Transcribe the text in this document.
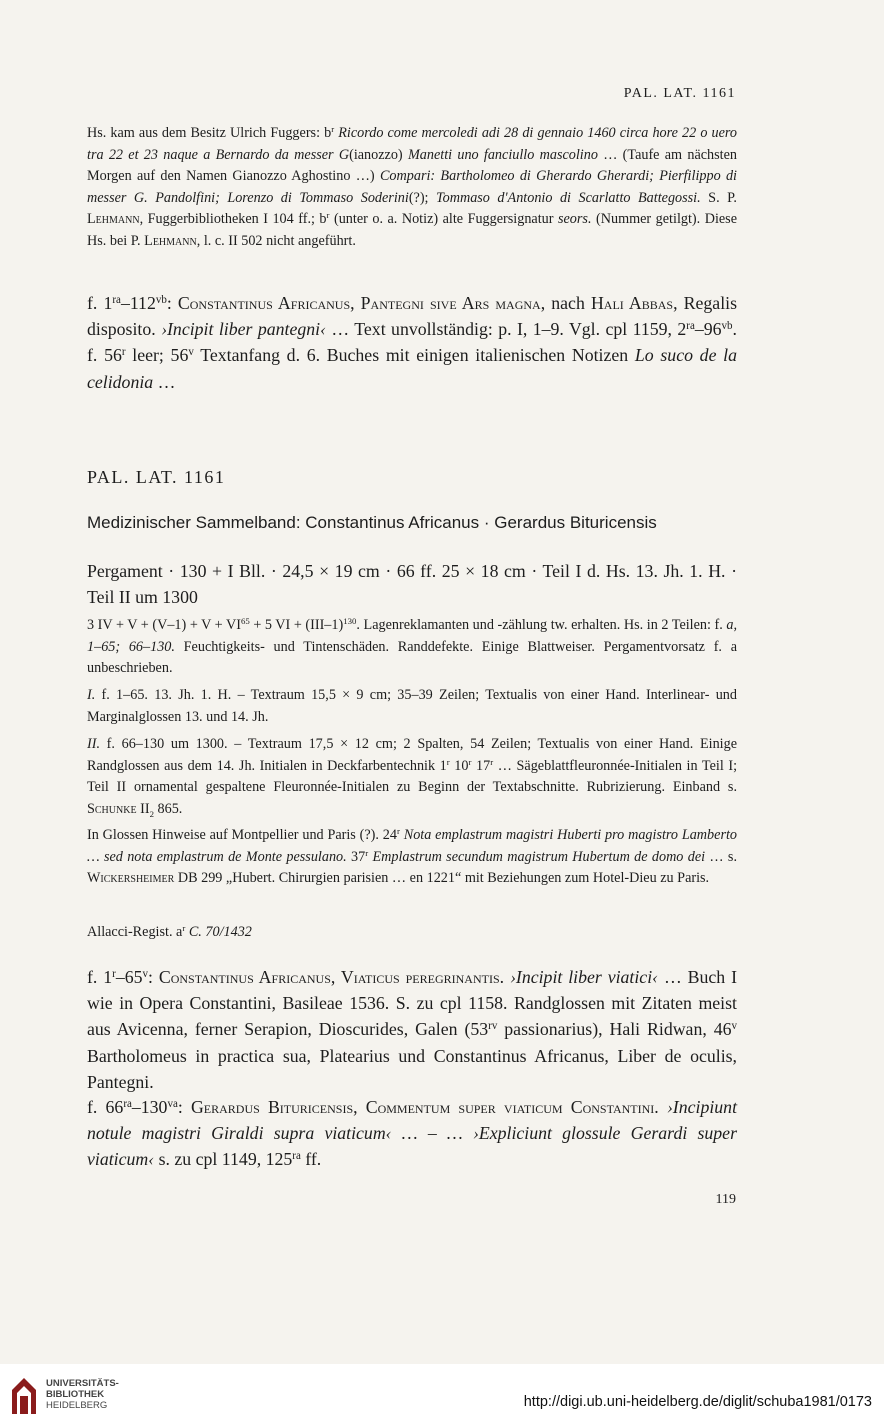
PAL. LAT. 1161

Hs. kam aus dem Besitz Ulrich Fuggers: $b^r$ Ricordo come mercoledi adi 28 di gennaio 1460 circa hore 22 o uero tra 22 et 23 naque a Bernardo da messer G(ianozzo) Manetti uno fanciullo mascolino … (Taufe am nächsten Morgen auf den Namen Gianozzo Aghostino …) Compari: Bartholomeo di Gherardo Gherardi; Pierfilippo di messer G. Pandolfini; Lorenzo di Tommaso Soderini(?); Tommaso d'Antonio di Scarlatto Battegossi. S. P. Lehmann, Fuggerbibliotheken I 104 ff.; $b^r$ (unter o. a. Notiz) alte Fuggersignatur seors. (Nummer getilgt). Diese Hs. bei P. Lehmann, l. c. II 502 nicht angeführt.

f. $1^{ra}-112^{vb}$: Constantinus Africanus, Pantegni sive Ars magna, nach Hali Abbas, Regalis disposito. ›Incipit liber pantegni‹ … Text unvollständig: p. I, 1–9. Vgl. cpl 1159, $2^{ra}-96^{vb}$. f. 56$^r$ leer; 56$^v$ Textanfang d. 6. Buches mit einigen italienischen Notizen Lo suco de la celidonia …

PAL. LAT. 1161
Medizinischer Sammelband: Constantinus Africanus · Gerardus Bituricensis

Pergament · 130 + I Bll. · 24,5 × 19 cm · 66 ff. 25 × 18 cm · Teil I d. Hs. 13. Jh. 1. H. · Teil II um 1300

3 IV + $V + (V-1) + V + VI^{65} + 5$ VI + $(III-1)^{130}$. Lagenreklamanten und -zählung tw. erhalten. Hs. in 2 Teilen: f. a, 1–65; 66–130. Feuchtigkeits- und Tintenschäden. Randdefekte. Einige Blattweiser. Pergamentvorsatz f. a unbeschrieben.

I. f. 1–65. 13. Jh. 1. H. – Textraum 15,5 × 9 cm; 35–39 Zeilen; Textualis von einer Hand. Interlinear- und Marginalglossen 13. und 14. Jh.

II. f. 66–130 um 1300. – Textraum 17,5 × 12 cm; 2 Spalten, 54 Zeilen; Textualis von einer Hand. Einige Randglossen aus dem 14. Jh. Initialen in Deckfarbentechnik 1$^r$ 10$^r$ 17$^r$ … Sägeblattfleuronnée-Initialen in Teil I; Teil II ornamental gespaltene Fleuronnée-Initialen zu Beginn der Textabschnitte. Rubrizierung. Einband s. Schunke $II_2$ 865.

In Glossen Hinweise auf Montpellier und Paris (?). 24$^r$ Nota emplastrum magistri Huberti pro magistro Lamberto … sed nota emplastrum de Monte pessulano. 37$^r$ Emplastrum secundum magistrum Hubertum de domo dei … s. Wickersheimer DB 299 „Hubert. Chirurgien parisien … en 1221“ mit Beziehungen zum Hotel-Dieu zu Paris.

Allacci-Regist. $a^r$ C. 70/1432

f. 1$^r$–65$^v$: Constantinus Africanus, Viaticus peregrinantis. ›Incipit liber viatici‹ … Buch I wie in Opera Constantini, Basileae 1536. S. zu cpl 1158. Randglossen mit Zitaten meist aus Avicenna, ferner Serapion, Dioscurides, Galen ($53^{rv}$ passionarius), Hali Ridwan, 46$^v$ Bartholomeus in practica sua, Platearius und Constantinus Africanus, Liber de oculis, Pantegni.

f. $66^{ra}-130^{va}$: Gerardus Bituricensis, Commentum super viaticum Constantini. ›Incipiunt notule magistri Giraldi supra viaticum‹ … – … ›Expliciunt glossule Gerardi super viaticum‹ s. zu cpl 1149, $125^{ra}$ ff.

119
UNIVERSITÄTS-
BIBLIOTHEK
HEIDELBERG	http://digi.ub.uni-heidelberg.de/diglit/schuba1981/0173
